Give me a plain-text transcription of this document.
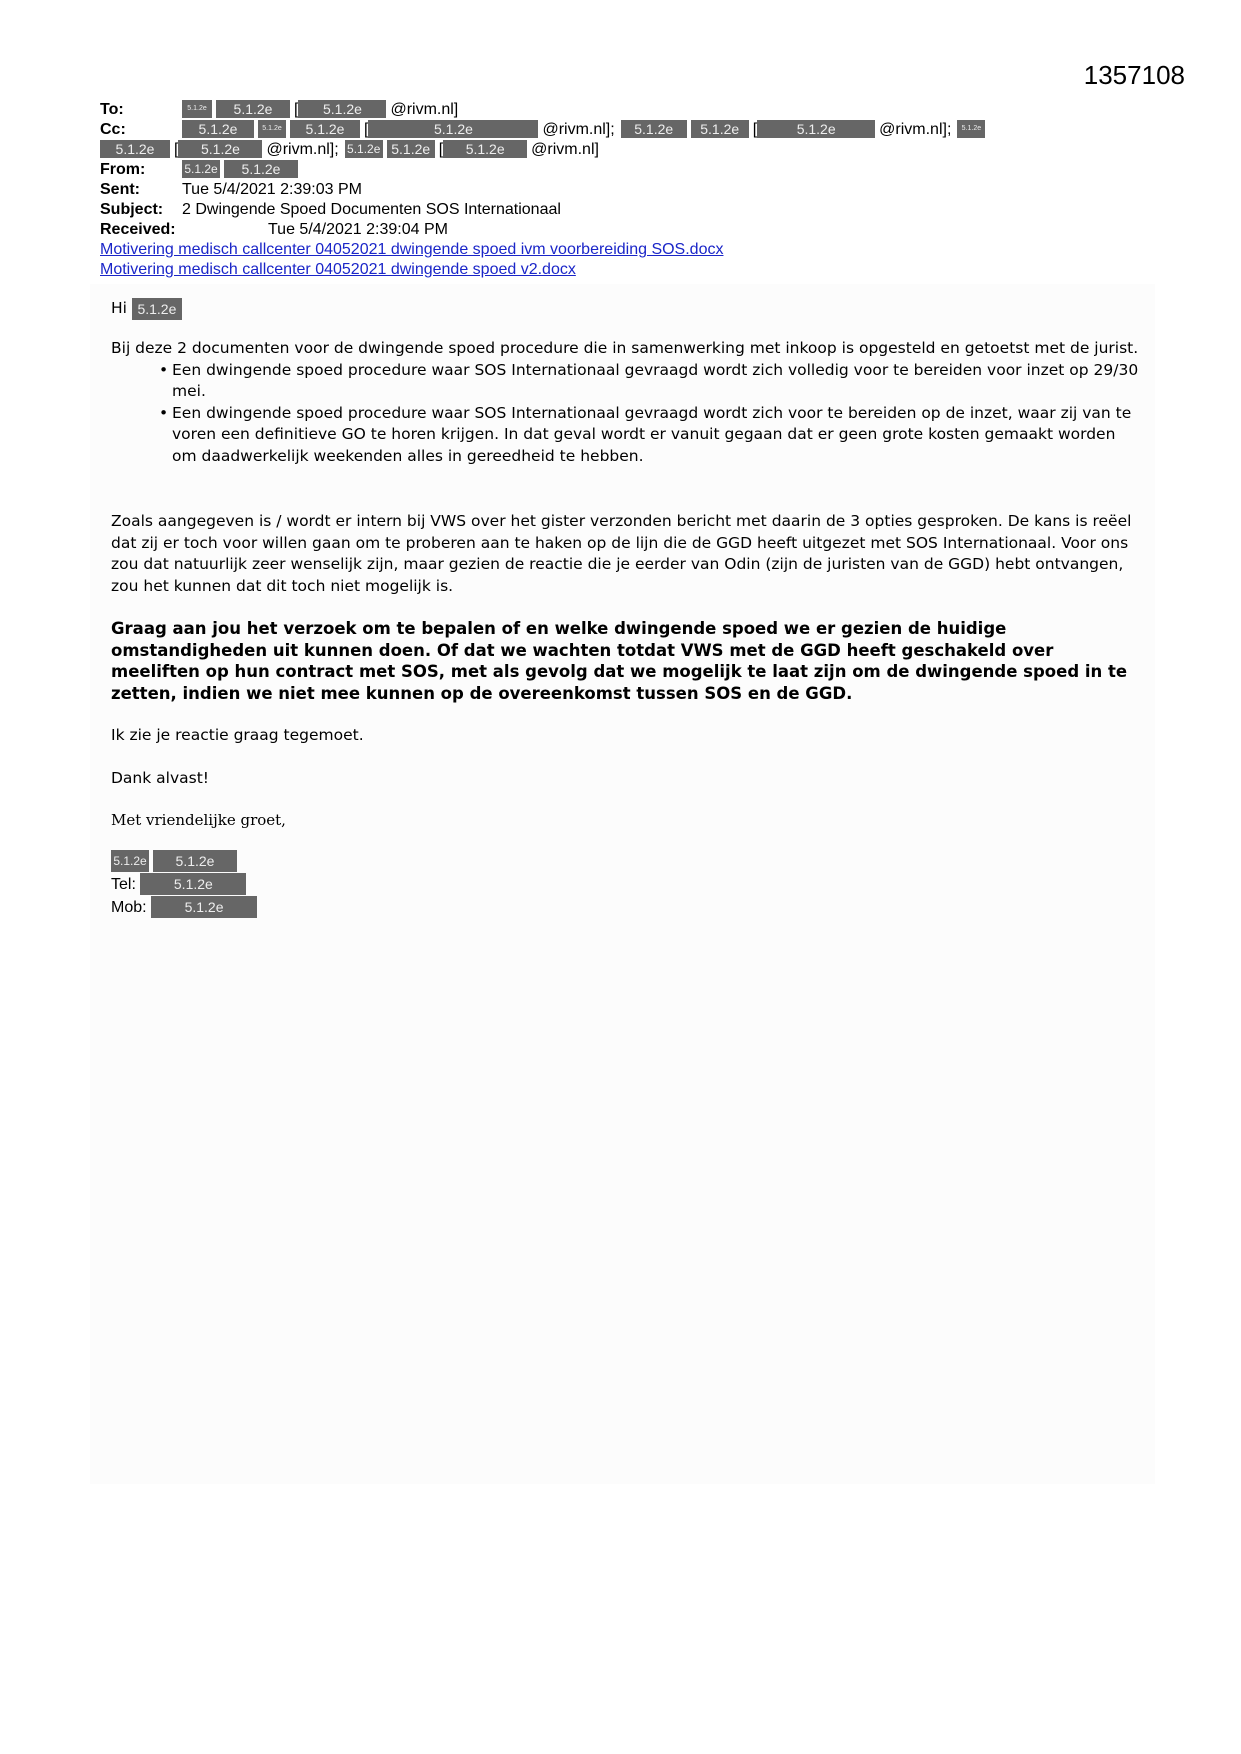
1357108
To:	5.1.2e 5.1.2e [ 5.1.2e @rivm.nl]
Cc:	5.1.2e	5.1.2e 5.1.2e [	5.1.2e	@rivm.nl]; 5.1.2e 5.1.2e [	5.1.2e	@rivm.nl]; 5.1.2e
5.1.2e [ 5.1.2e @rivm.nl]; 5.1.2e 5.1.2e [ 5.1.2e @rivm.nl]
From:	5.1.2e 5.1.2e
Sent:	Tue 5/4/2021 2:39:03 PM
Subject: 2 Dwingende Spoed Documenten SOS Internationaal
Received:	Tue 5/4/2021 2:39:04 PM
Motivering medisch callcenter 04052021 dwingende spoed ivm voorbereiding SOS.docx
Motivering medisch callcenter 04052021 dwingende spoed v2.docx

Hi 5.1.2e

Bij deze 2 documenten voor de dwingende spoed procedure die in samenwerking met inkoop is opgesteld en getoetst met de jurist.

• Een dwingende spoed procedure waar SOS Internationaal gevraagd wordt zich volledig voor te bereiden voor inzet op 29/30 mei.
• Een dwingende spoed procedure waar SOS Internationaal gevraagd wordt zich voor te bereiden op de inzet, waar zij van te voren een definitieve GO te horen krijgen. In dat geval wordt er vanuit gegaan dat er geen grote kosten gemaakt worden om daadwerkelijk weekenden alles in gereedheid te hebben.

Zoals aangegeven is / wordt er intern bij VWS over het gister verzonden bericht met daarin de 3 opties gesproken. De kans is reëel dat zij er toch voor willen gaan om te proberen aan te haken op de lijn die de GGD heeft uitgezet met SOS Internationaal. Voor ons zou dat natuurlijk zeer wenselijk zijn, maar gezien de reactie die je eerder van Odin (zijn de juristen van de GGD) hebt ontvangen, zou het kunnen dat dit toch niet mogelijk is.

Graag aan jou het verzoek om te bepalen of en welke dwingende spoed we er gezien de huidige omstandigheden uit kunnen doen. Of dat we wachten totdat VWS met de GGD heeft geschakeld over meeliften op hun contract met SOS, met als gevolg dat we mogelijk te laat zijn om de dwingende spoed in te zetten, indien we niet mee kunnen op de overeenkomst tussen SOS en de GGD.

Ik zie je reactie graag tegemoet.

Dank alvast!

Met vriendelijke groet,

5.1.2e 5.1.2e
Tel:	5.1.2e
Mob:	5.1.2e
